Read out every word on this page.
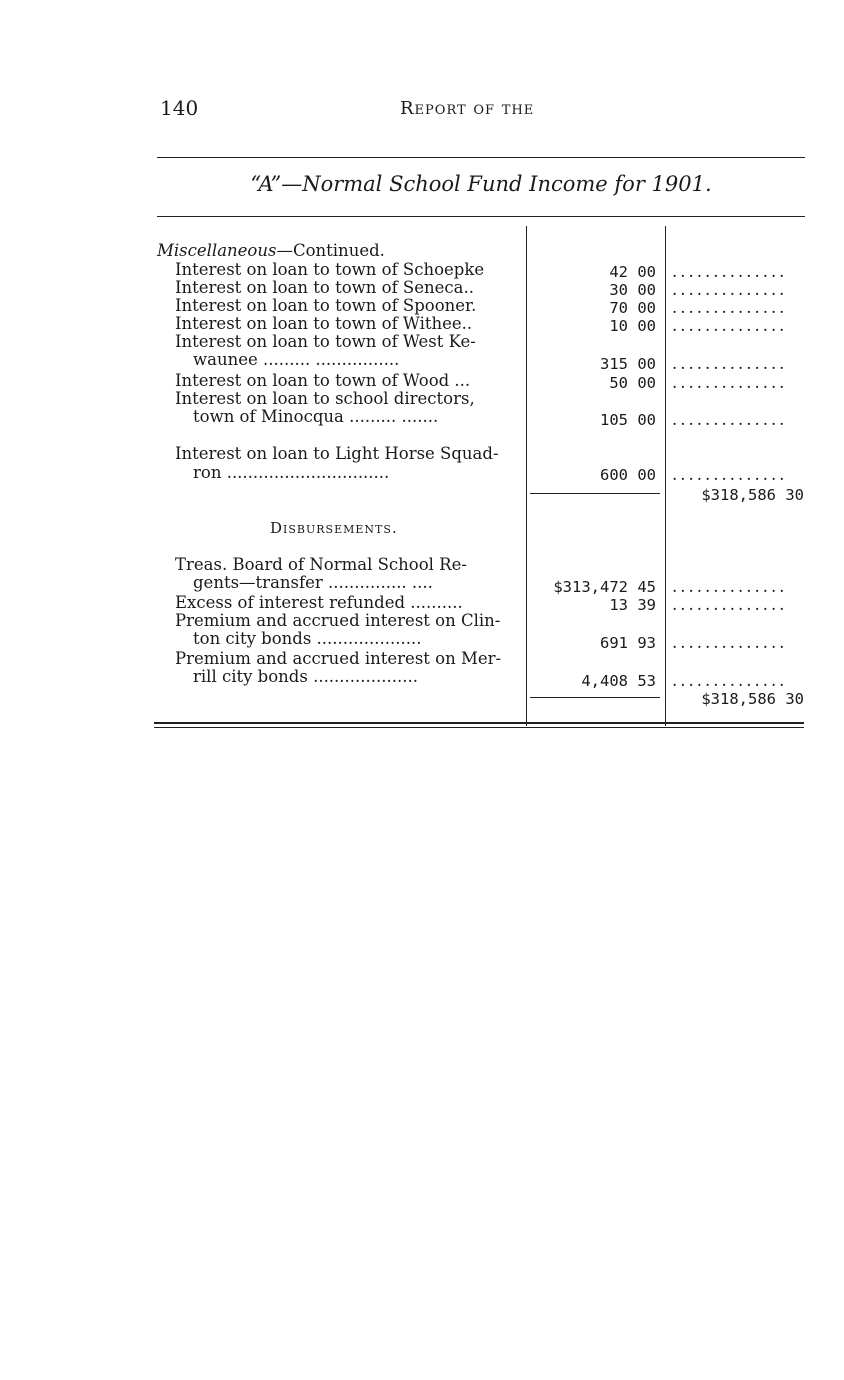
140	Report of the
“A”—Normal School Fund Income for 1901.
Miscellaneous—Continued.
Interest on loan to town of Schoepke	42 00 ..............
Interest on loan to town of Seneca..	30 00 ..............
Interest on loan to town of Spooner.	70 00 ..............
Interest on loan to town of Withee..	10 00 ..............
Interest on loan to town of West Ke-
waunee ......... ................	315 00 ..............
Interest on loan to town of Wood ...	50 00 ..............
Interest on loan to school directors,
town of Minocqua ......... .......	105 00 ..............
Interest on loan to Light Horse Squad-
ron ...............................	600 00 ..............
$318,586 30
Disbursements.
Treas. Board of Normal School Re-
gents—transfer ............... ....	$313,472 45 ..............
Excess of interest refunded ..........	13 39 ..............
Premium and accrued interest on Clin-
ton city bonds ....................	691 93 ..............
Premium and accrued interest on Mer-
rill city bonds ....................	4,408 53 ..............
$318,586 30
